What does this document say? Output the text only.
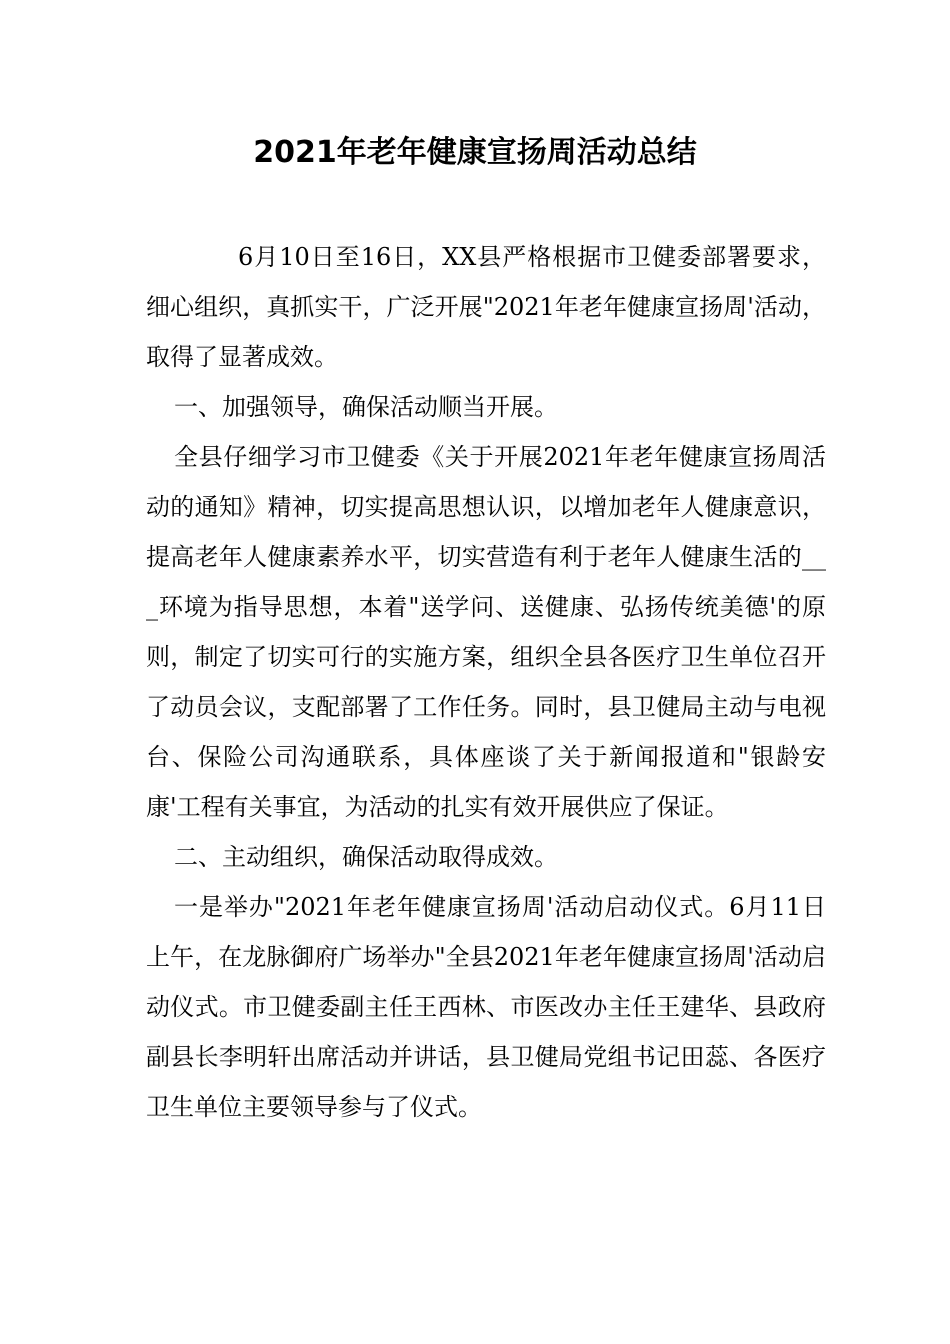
2021年老年健康宣扬周活动总结

6月10日至16日，XX县严格根据市卫健委部署要求，细心组织，真抓实干，广泛开展"2021年老年健康宣扬周'活动，取得了显著成效。

一、加强领导，确保活动顺当开展。

全县仔细学习市卫健委《关于开展2021年老年健康宣扬周活动的通知》精神，切实提高思想认识，以增加老年人健康意识，提高老年人健康素养水平，切实营造有利于老年人健康生活的___环境为指导思想，本着"送学问、送健康、弘扬传统美德'的原则，制定了切实可行的实施方案，组织全县各医疗卫生单位召开了动员会议，支配部署了工作任务。同时，县卫健局主动与电视台、保险公司沟通联系，具体座谈了关于新闻报道和"银龄安康'工程有关事宜，为活动的扎实有效开展供应了保证。

二、主动组织，确保活动取得成效。

一是举办"2021年老年健康宣扬周'活动启动仪式。6月11日上午，在龙脉御府广场举办"全县2021年老年健康宣扬周'活动启动仪式。市卫健委副主任王西林、市医改办主任王建华、县政府副县长李明轩出席活动并讲话，县卫健局党组书记田蕊、各医疗卫生单位主要领导参与了仪式。
